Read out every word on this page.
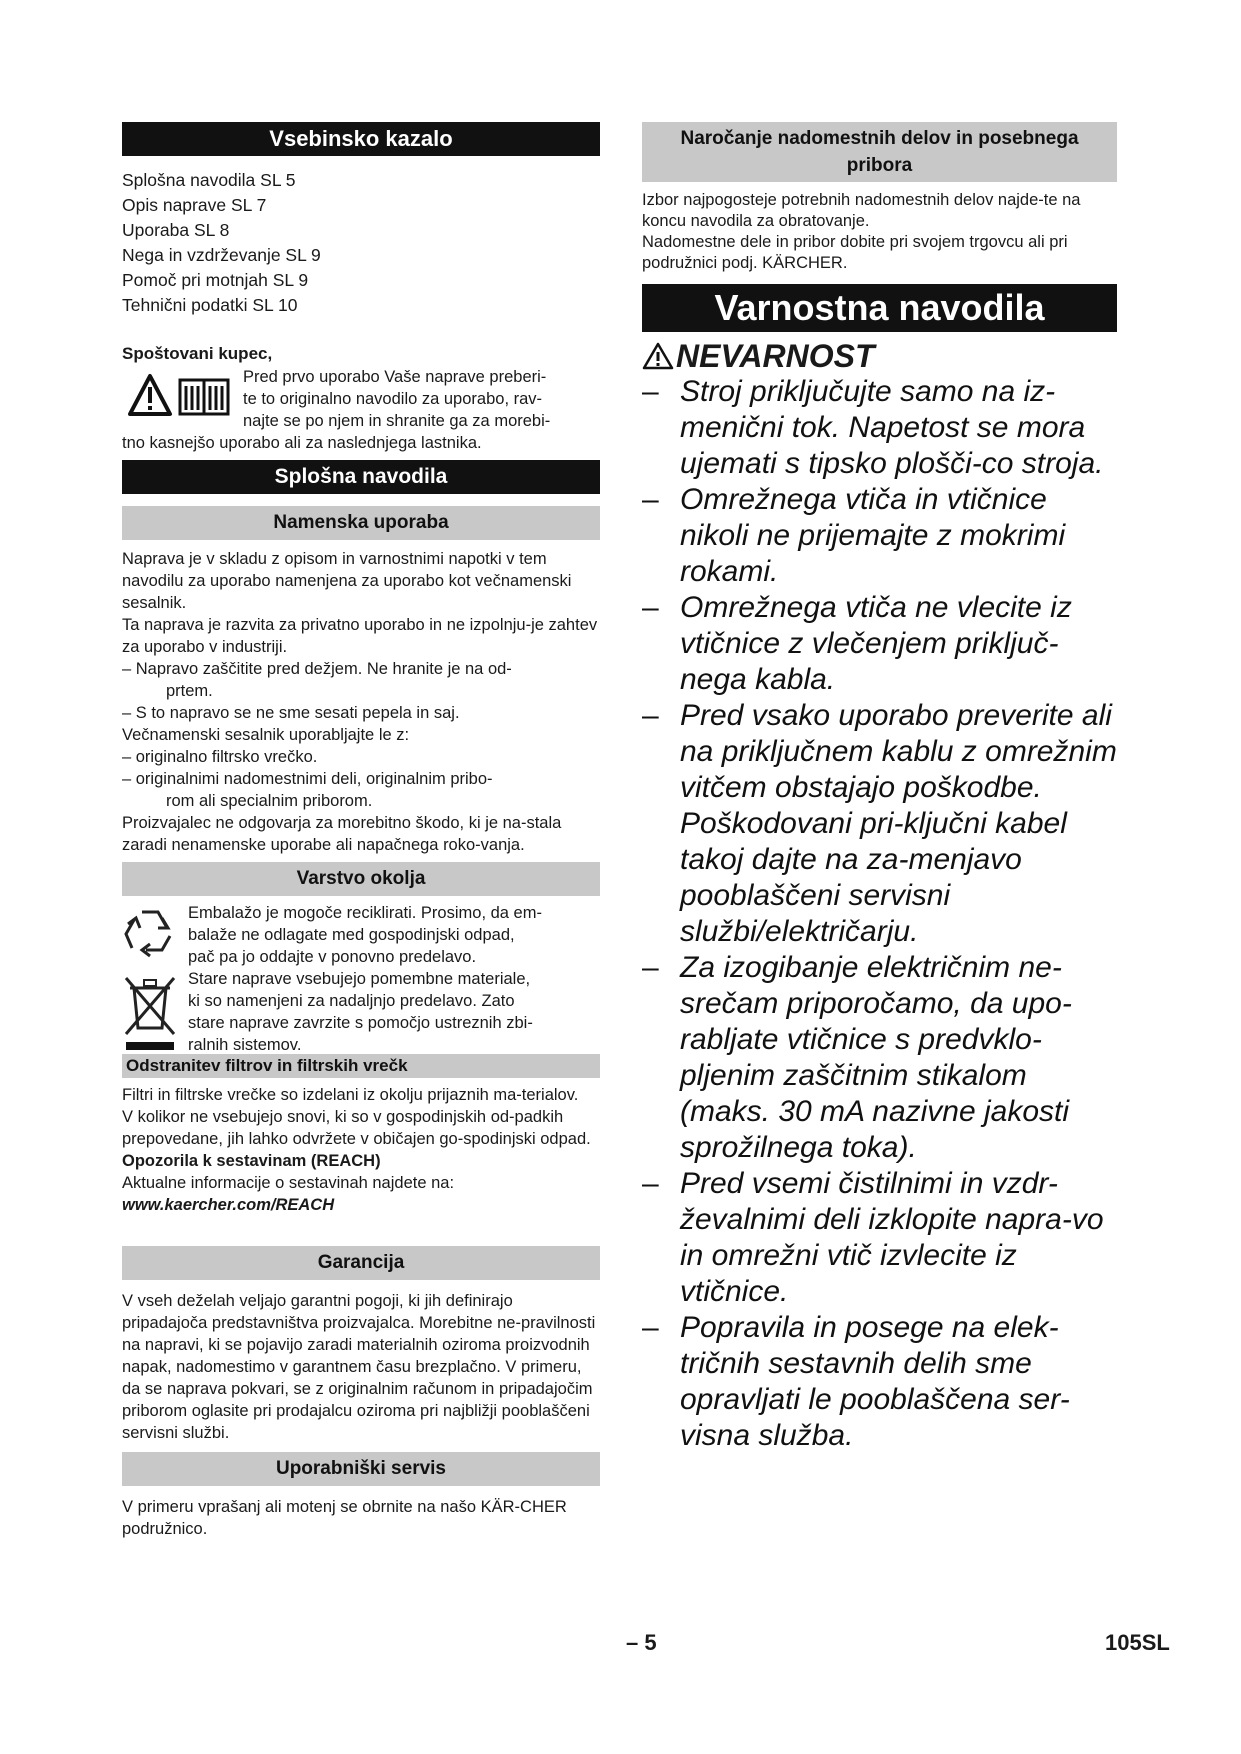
Vsebinsko kazalo
Splošna navodila SL 5
Opis naprave SL 7
Uporaba SL 8
Nega in vzdrževanje SL 9
Pomoč pri motnjah SL 9
Tehnični podatki SL 10
Spoštovani kupec,
Pred prvo uporabo Vaše naprave preberi-
te to originalno navodilo za uporabo, rav-
najte se po njem in shranite ga za morebi-
tno kasnejšo uporabo ali za naslednjega lastnika.
Splošna navodila
Namenska uporaba
Naprava je v skladu z opisom in varnostnimi napotki v tem navodilu za uporabo namenjena za uporabo kot večnamenski sesalnik.
Ta naprava je razvita za privatno uporabo in ne izpolnju-je zahtev za uporabo v industriji.
– Napravo zaščitite pred dežjem. Ne hranite je na od-
prtem.
– S to napravo se ne sme sesati pepela in saj.
Večnamenski sesalnik uporabljajte le z:
– originalno filtrsko vrečko.
– originalnimi nadomestnimi deli, originalnim pribo-
rom ali specialnim priborom.
Proizvajalec ne odgovarja za morebitno škodo, ki je na-stala zaradi nenamenske uporabe ali napačnega roko-vanja.
Varstvo okolja
Embalažo je mogoče reciklirati. Prosimo, da em-
balaže ne odlagate med gospodinjski odpad,
pač pa jo oddajte v ponovno predelavo.
Stare naprave vsebujejo pomembne materiale,
ki so namenjeni za nadaljnjo predelavo. Zato
stare naprave zavrzite s pomočjo ustreznih zbi-
ralnih sistemov.
Odstranitev filtrov in filtrskih vrečk
Filtri in filtrske vrečke so izdelani iz okolju prijaznih ma-terialov.
V kolikor ne vsebujejo snovi, ki so v gospodinjskih od-padkih prepovedane, jih lahko odvržete v običajen go-spodinjski odpad.
Opozorila k sestavinam (REACH)
Aktualne informacije o sestavinah najdete na:
www.kaercher.com/REACH
Garancija
V vseh deželah veljajo garantni pogoji, ki jih definirajo pripadajoča predstavništva proizvajalca. Morebitne ne-pravilnosti na napravi, ki se pojavijo zaradi materialnih oziroma proizvodnih napak, nadomestimo v garantnem času brezplačno. V primeru, da se naprava pokvari, se z originalnim računom in pripadajočim priborom oglasite pri prodajalcu oziroma pri najbližji pooblaščeni servisni službi.
Uporabniški servis
V primeru vprašanj ali motenj se obrnite na našo KÄR-CHER podružnico.
Naročanje nadomestnih delov in posebnega
pribora
Izbor najpogosteje potrebnih nadomestnih delov najde-te na koncu navodila za obratovanje.
Nadomestne dele in pribor dobite pri svojem trgovcu ali pri podružnici podj. KÄRCHER.
Varnostna navodila
NEVARNOST
– Stroj priključujte samo na iz-menični tok. Napetost se mora ujemati s tipsko plošči-co stroja.
– Omrežnega vtiča in vtičnice nikoli ne prijemajte z mokrimi rokami.
– Omrežnega vtiča ne vlecite iz vtičnice z vlečenjem priključ-nega kabla.
– Pred vsako uporabo preverite ali na priključnem kablu z omrežnim vitčem obstajajo poškodbe. Poškodovani pri-ključni kabel takoj dajte na za-menjavo pooblaščeni servisni službi/električarju.
– Za izogibanje električnim ne-srečam priporočamo, da upo-rabljate vtičnice s predvklo-pljenim zaščitnim stikalom (maks. 30 mA nazivne jakosti sprožilnega toka).
– Pred vsemi čistilnimi in vzdr-ževalnimi deli izklopite napra-vo in omrežni vtič izvlecite iz vtičnice.
– Popravila in posege na elek-tričnih sestavnih delih sme opravljati le pooblaščena ser-visna služba.
– 5	105SL
